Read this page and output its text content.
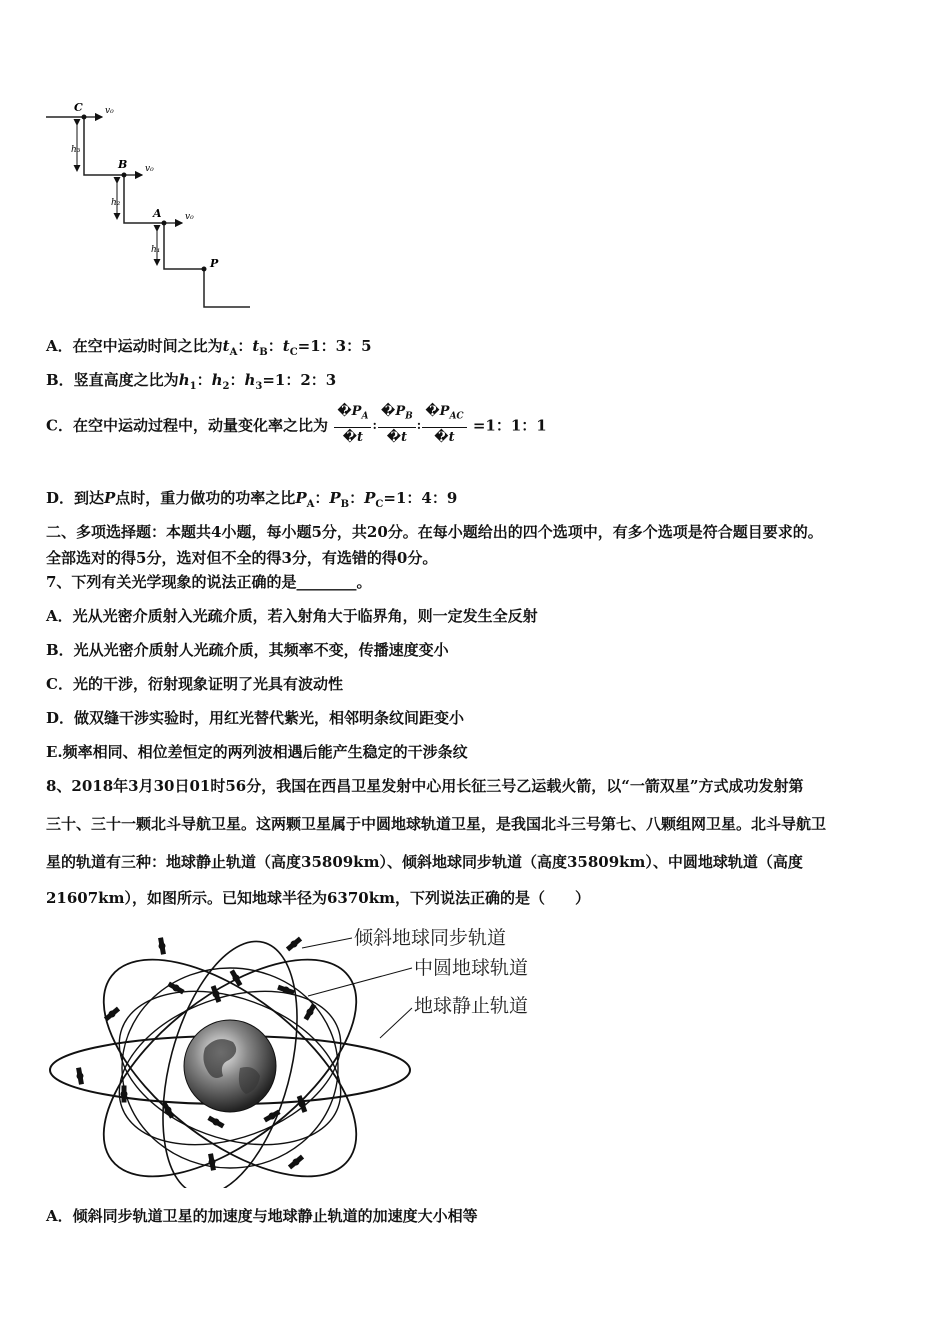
C v₀
B v₀
A	v₀
P
h₃
h₂
h₁
A．在空中运动时间之比为$t_A$：$t_B$：$t_C=1$：3：5
B．竖直高度之比为$h_1$：$h_2$：$h_3=1$：2：3
C．在空中运动过程中，动量变化率之比为 $\frac{�P_A}{�t}$ : $\frac{�P_B}{�t}$ : $\frac{�P_{AC}}{�t} =1$：1：1
D．到达P点时，重力做功的功率之比$P_A$：$P_B$：$P_C=1$：4：9
二、多项选择题：本题共4小题，每小题5分，共20分。在每小题给出的四个选项中，有多个选项是符合题目要求的。
全部选对的得5分，选对但不全的得3分，有选错的得0分。
7、下列有关光学现象的说法正确的是________。
A．光从光密介质射入光疏介质，若入射角大于临界角，则一定发生全反射
B．光从光密介质射人光疏介质，其频率不变，传播速度变小
C．光的干涉，衍射现象证明了光具有波动性
D．做双缝干涉实验时，用红光替代紫光，相邻明条纹间距变小
E.频率相同、相位差恒定的两列波相遇后能产生稳定的干涉条纹
8、2018年3月30日01时56分，我国在西昌卫星发射中心用长征三号乙运载火箭，以“一箭双星”方式成功发射第
三十、三十一颗北斗导航卫星。这两颗卫星属于中圆地球轨道卫星，是我国北斗三号第七、八颗组网卫星。北斗导航卫
星的轨道有三种：地球静止轨道（高度35809km）、倾斜地球同步轨道（高度35809km）、中圆地球轨道（高度
21607km），如图所示。已知地球半径为6370km，下列说法正确的是（　　）
倾斜地球同步轨道
中圆地球轨道
地球静止轨道
A．倾斜同步轨道卫星的加速度与地球静止轨道的加速度大小相等
